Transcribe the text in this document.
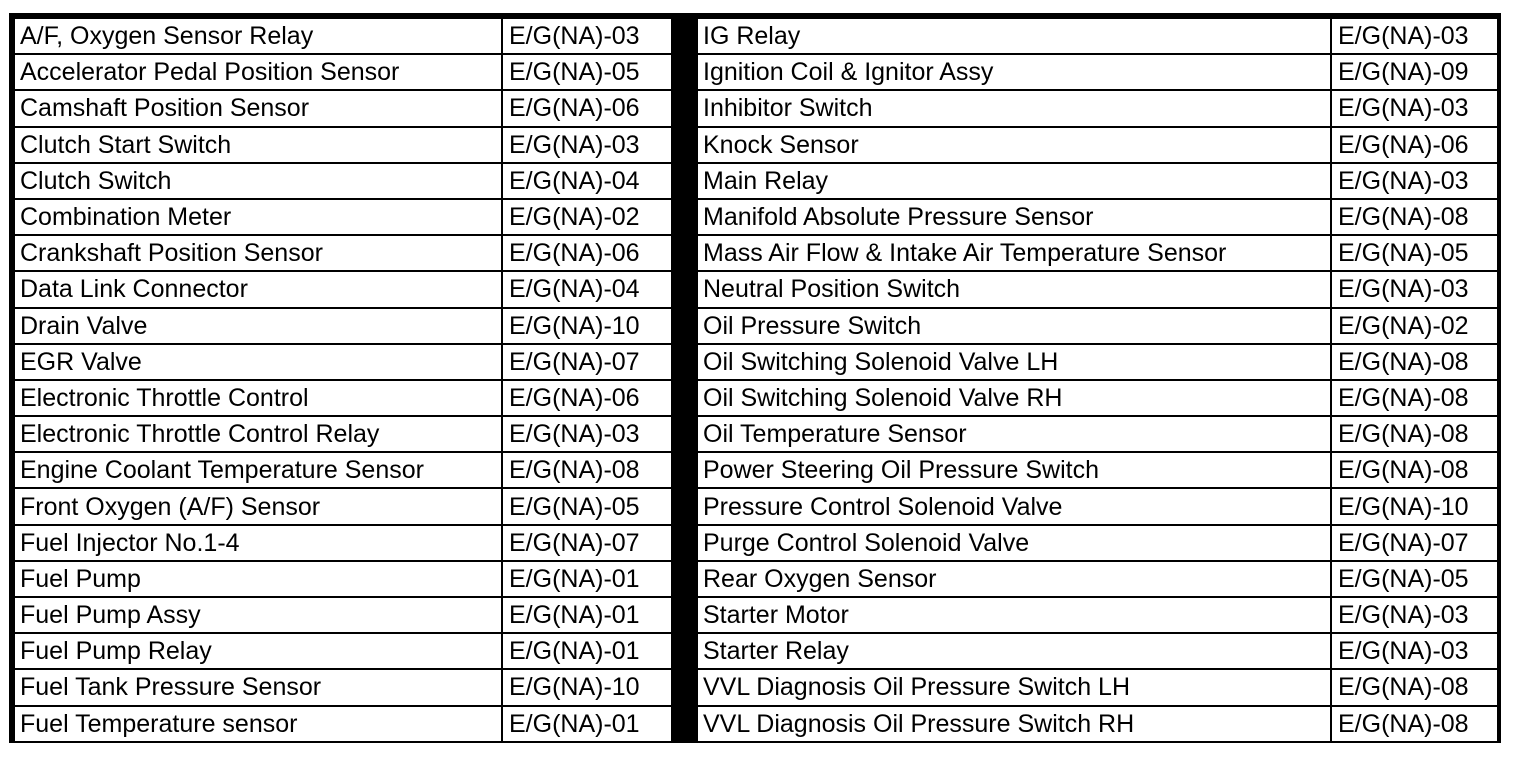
A/F, Oxygen Sensor Relay	E/G(NA)-03
Accelerator Pedal Position Sensor	E/G(NA)-05
Camshaft Position Sensor	E/G(NA)-06
Clutch Start Switch	E/G(NA)-03
Clutch Switch	E/G(NA)-04
Combination Meter	E/G(NA)-02
Crankshaft Position Sensor	E/G(NA)-06
Data Link Connector	E/G(NA)-04
Drain Valve	E/G(NA)-10
EGR Valve	E/G(NA)-07
Electronic Throttle Control	E/G(NA)-06
Electronic Throttle Control Relay	E/G(NA)-03
Engine Coolant Temperature Sensor	E/G(NA)-08
Front Oxygen (A/F) Sensor	E/G(NA)-05
Fuel Injector No.1-4	E/G(NA)-07
Fuel Pump	E/G(NA)-01
Fuel Pump Assy	E/G(NA)-01
Fuel Pump Relay	E/G(NA)-01
Fuel Tank Pressure Sensor	E/G(NA)-10
Fuel Temperature sensor	E/G(NA)-01
IG Relay	E/G(NA)-03
Ignition Coil & Ignitor Assy	E/G(NA)-09
Inhibitor Switch	E/G(NA)-03
Knock Sensor	E/G(NA)-06
Main Relay	E/G(NA)-03
Manifold Absolute Pressure Sensor	E/G(NA)-08
Mass Air Flow & Intake Air Temperature Sensor	E/G(NA)-05
Neutral Position Switch	E/G(NA)-03
Oil Pressure Switch	E/G(NA)-02
Oil Switching Solenoid Valve LH	E/G(NA)-08
Oil Switching Solenoid Valve RH	E/G(NA)-08
Oil Temperature Sensor	E/G(NA)-08
Power Steering Oil Pressure Switch	E/G(NA)-08
Pressure Control Solenoid Valve	E/G(NA)-10
Purge Control Solenoid Valve	E/G(NA)-07
Rear Oxygen Sensor	E/G(NA)-05
Starter Motor	E/G(NA)-03
Starter Relay	E/G(NA)-03
VVL Diagnosis Oil Pressure Switch LH	E/G(NA)-08
VVL Diagnosis Oil Pressure Switch RH	E/G(NA)-08
